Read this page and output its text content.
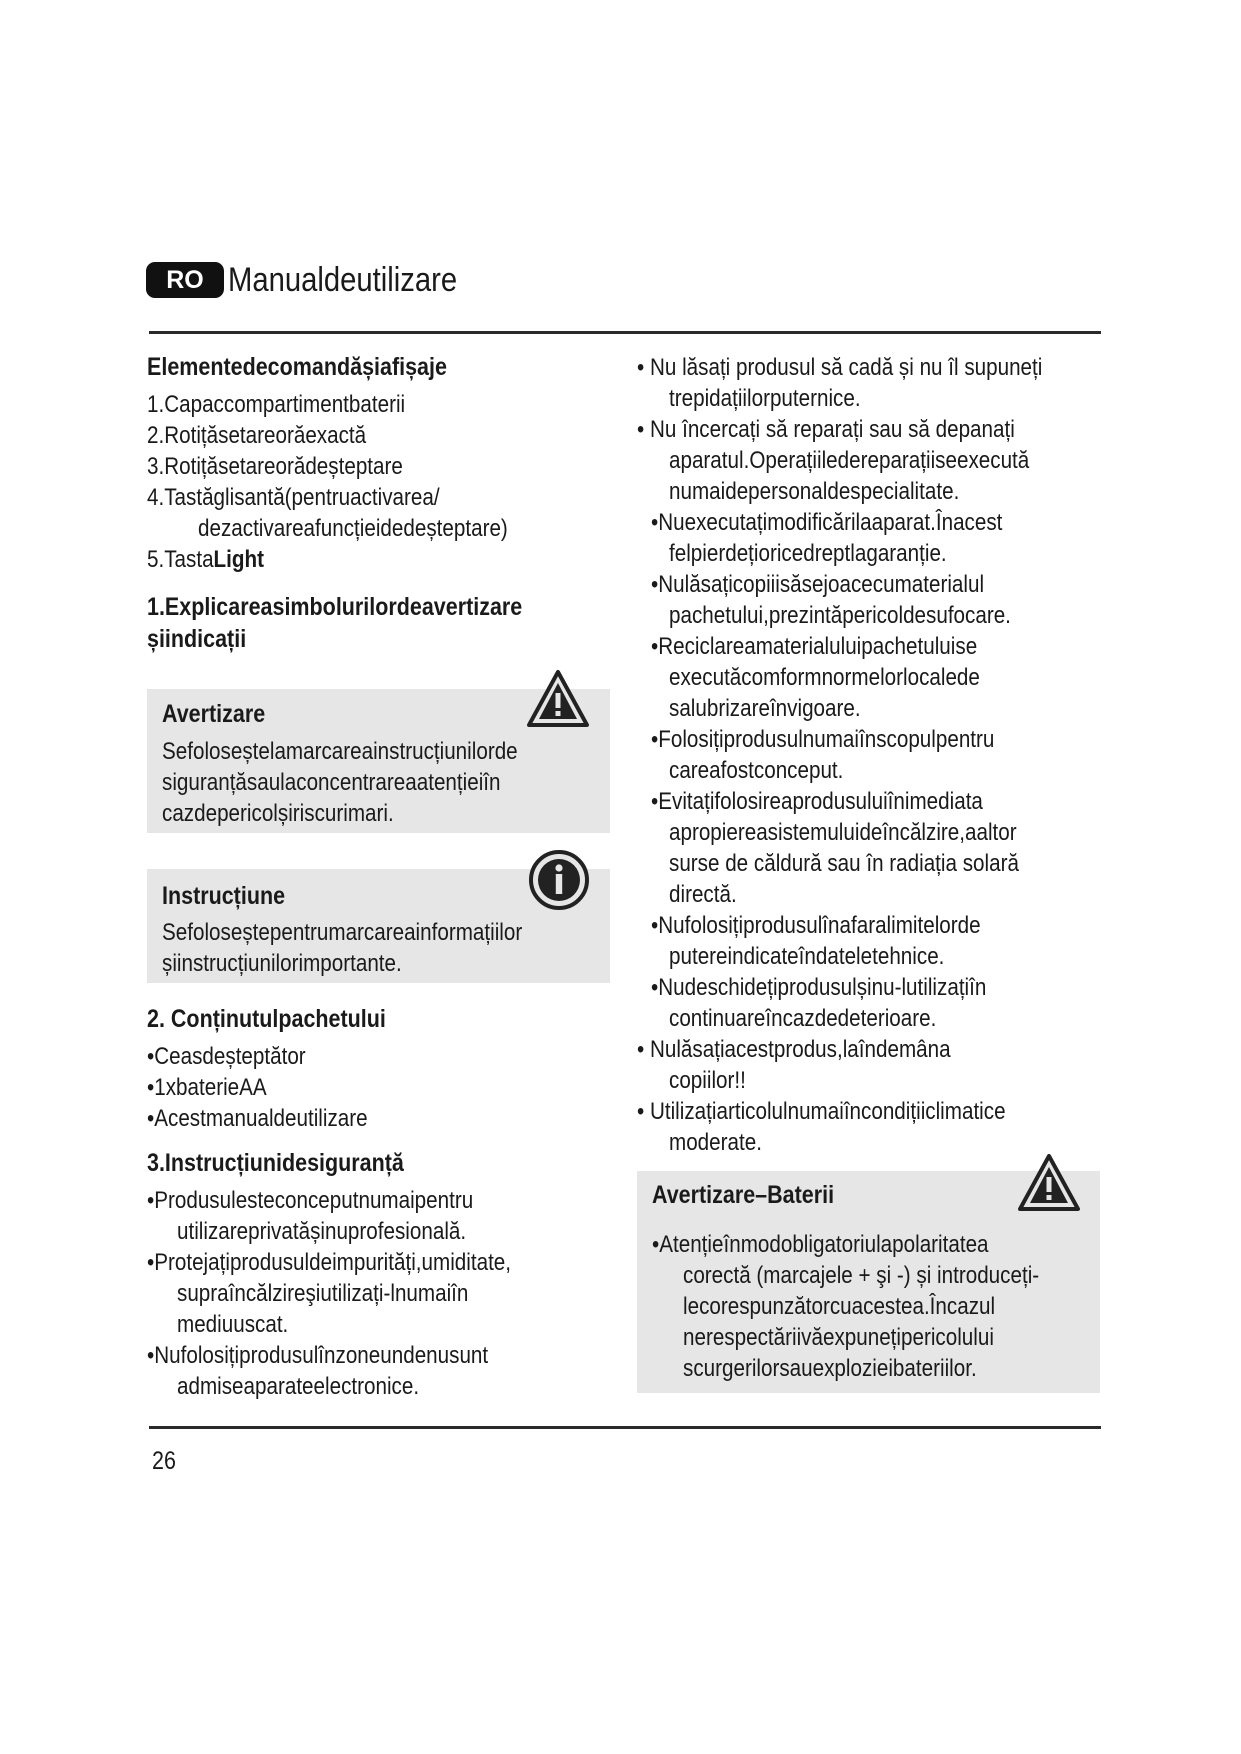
RO Manualdeutilizare
Elementedecomandășiafișaje
1.Capaccompartimentbaterii
2.Rotițăsetareorăexactă
3.Rotițăsetareorădeșteptare
4.Tastăglisantă(pentruactivarea/
dezactivareafuncțieidedeșteptare)
5.TastaLight
1.Explicareasimbolurilordeavertizare
șiindicații
Avertizare
Sefoloseștelamarcareainstrucțiunilorde
siguranțăsaulaconcentrareaatențieiîn
cazdepericolșiriscurimari.
Instrucțiune
Sefoloseștepentrumarcareainformațiilor
șiinstrucțiunilorimportante.
2. Conținutulpachetului
•Ceasdeșteptător
•1xbaterieAA
•Acestmanualdeutilizare
3.Instrucțiunidesiguranță
•Produsulesteconceputnumaipentru
utilizareprivatășinuprofesională.
•Protejațiprodusuldeimpurități,umiditate,
supraîncălzireşiutilizați-lnumaiîn
mediuuscat.
•Nufolosițiprodusulînzoneundenusunt
admiseaparateelectronice.
• Nu lăsați produsul să cadă și nu îl supuneți
trepidațiilorputernice.
• Nu încercați să reparați sau să depanați
aparatul.Operațiiledereparațiiseexecută
numaidepersonaldespecialitate.
•Nuexecutațimodificărilaaparat.Înacest
felpierdețiorice​dreptlagaranție.
•Nulăsațicopiiisăsejoacecumaterialul
pachetului,prezintăpericoldesufocare.
•Reciclareamaterialuluipachetuluise
executăcomformnormelorlocalede
salubrizareînvigoare.
•Folosițiprodusulnumaiînscopulpentru
careafostconceput.
•Evitațifolosireaprodusuluiînimediata
apropiereasistemuluideîncălzire,aaltor
surse de căldură sau în radiația solară
directă.
•Nufolosițiprodusulînafaralimitelorde
putereindicateîndateletehnice.
•Nudeschidețiprodusulșinu-lutilizațiîn
continuareîncazdedeterioare.
• Nulăsațiacestprodus,laîndemâna
copiilor!!
• Utilizațiarticolulnumaiîncondițiiclimatice
moderate.
Avertizare–Baterii
•Atențieînmodobligatoriulapolaritatea
corectă (marcajele + şi -) și introduceți-
lecorespunzătorcuacestea.Încazul
nerespectăriivăexpunețipericolului
scurgerilorsauexplozieibateriilor.
26
